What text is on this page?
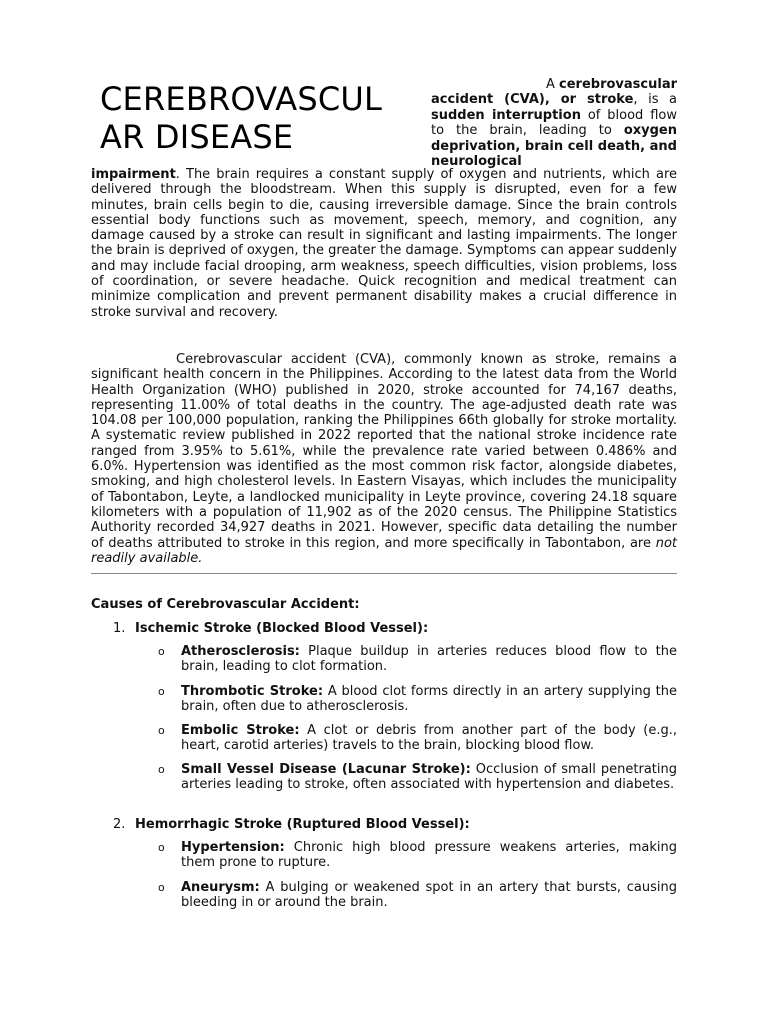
CEREBROVASCUL
AR DISEASE
A cerebrovascular
accident (CVA), or stroke, is a sudden interruption of blood flow to the brain, leading to oxygen deprivation, brain cell death, and neurological
impairment. The brain requires a constant supply of oxygen and nutrients, which are delivered through the bloodstream. When this supply is disrupted, even for a few minutes, brain cells begin to die, causing irreversible damage. Since the brain controls essential body functions such as movement, speech, memory, and cognition, any damage caused by a stroke can result in significant and lasting impairments. The longer the brain is deprived of oxygen, the greater the damage. Symptoms can appear suddenly and may include facial drooping, arm weakness, speech difficulties, vision problems, loss of coordination, or severe headache. Quick recognition and medical treatment can minimize complication and prevent permanent disability makes a crucial difference in stroke survival and recovery.
Cerebrovascular accident (CVA), commonly known as stroke, remains a significant health concern in the Philippines. According to the latest data from the World Health Organization (WHO) published in 2020, stroke accounted for 74,167 deaths, representing 11.00% of total deaths in the country. The age-adjusted death rate was 104.08 per 100,000 population, ranking the Philippines 66th globally for stroke mortality. A systematic review published in 2022 reported that the national stroke incidence rate ranged from 3.95% to 5.61%, while the prevalence rate varied between 0.486% and 6.0%. Hypertension was identified as the most common risk factor, alongside diabetes, smoking, and high cholesterol levels. In Eastern Visayas, which includes the municipality of Tabontabon, Leyte, a landlocked municipality in Leyte province, covering 24.18 square kilometers with a population of 11,902 as of the 2020 census. The Philippine Statistics Authority recorded 34,927 deaths in 2021. However, specific data detailing the number of deaths attributed to stroke in this region, and more specifically in Tabontabon, are not readily available.
Causes of Cerebrovascular Accident:
1. Ischemic Stroke (Blocked Blood Vessel):
o Atherosclerosis: Plaque buildup in arteries reduces blood flow to the brain, leading to clot formation.
o Thrombotic Stroke: A blood clot forms directly in an artery supplying the brain, often due to atherosclerosis.
o Embolic Stroke: A clot or debris from another part of the body (e.g., heart, carotid arteries) travels to the brain, blocking blood flow.
o Small Vessel Disease (Lacunar Stroke): Occlusion of small penetrating arteries leading to stroke, often associated with hypertension and diabetes.
2. Hemorrhagic Stroke (Ruptured Blood Vessel):
o Hypertension: Chronic high blood pressure weakens arteries, making them prone to rupture.
o Aneurysm: A bulging or weakened spot in an artery that bursts, causing bleeding in or around the brain.
